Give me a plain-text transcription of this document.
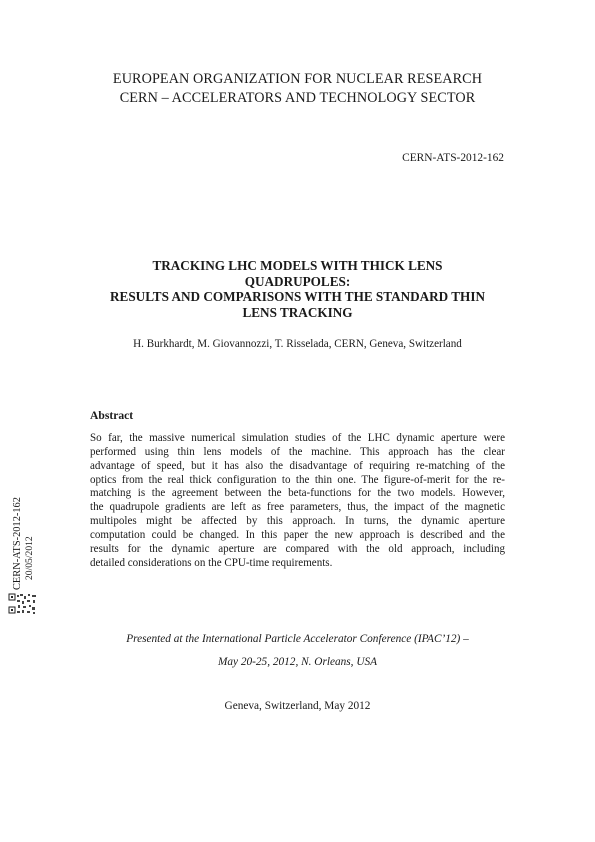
EUROPEAN ORGANIZATION FOR NUCLEAR RESEARCH
CERN – ACCELERATORS AND TECHNOLOGY SECTOR
CERN-ATS-2012-162
TRACKING LHC MODELS WITH THICK LENS
QUADRUPOLES:
RESULTS AND COMPARISONS WITH THE STANDARD THIN
LENS TRACKING
H. Burkhardt, M. Giovannozzi, T. Risselada, CERN, Geneva, Switzerland
Abstract
So far, the massive numerical simulation studies of the LHC dynamic aperture were
performed using thin lens models of the machine. This approach has the clear
advantage of speed, but it has also the disadvantage of requiring re-matching of the
optics from the real thick configuration to the thin one. The figure-of-merit for the re-
matching is the agreement between the beta-functions for the two models. However,
the quadrupole gradients are left as free parameters, thus, the impact of the magnetic
multipoles might be affected by this approach. In turns, the dynamic aperture
computation could be changed. In this paper the new approach is described and the
results for the dynamic aperture are compared with the old approach, including
detailed considerations on the CPU-time requirements.
Presented at the International Particle Accelerator Conference (IPAC’12) –
May 20-25, 2012, N. Orleans, USA
Geneva, Switzerland, May 2012
CERN-ATS-2012-162 20/05/2012
